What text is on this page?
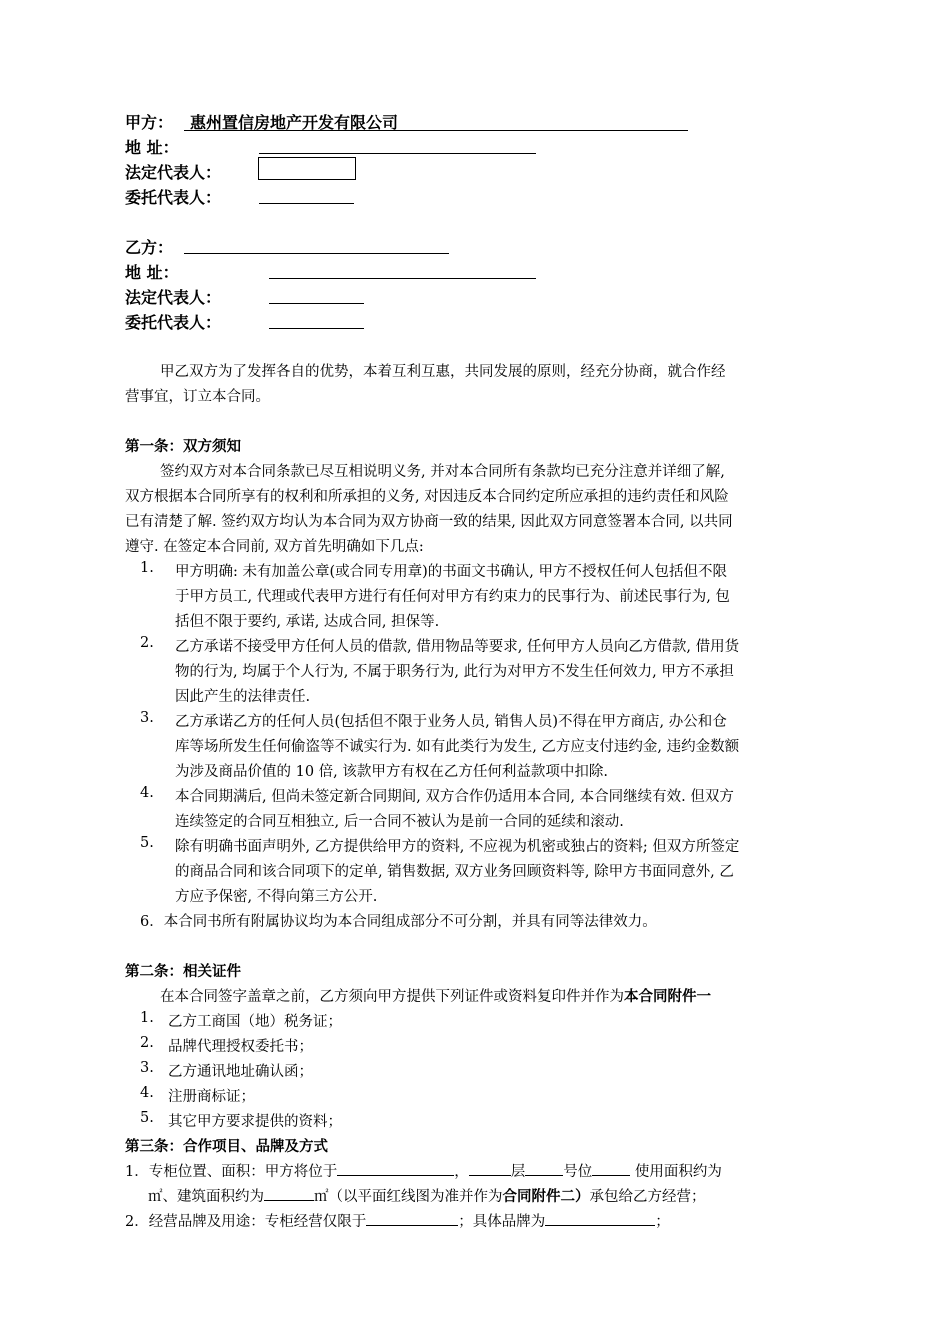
甲方： 惠州置信房地产开发有限公司
地 址：
法定代表人：
委托代表人：
乙方：
地 址：
法定代表人：
委托代表人：
甲乙双方为了发挥各自的优势，本着互利互惠，共同发展的原则，经充分协商，就合作经
营事宜，订立本合同。
第一条：双方须知
签约双方对本合同条款已尽互相说明义务, 并对本合同所有条款均已充分注意并详细了解,
双方根据本合同所享有的权利和所承担的义务, 对因违反本合同约定所应承担的违约责任和风险
已有清楚了解. 签约双方均认为本合同为双方协商一致的结果, 因此双方同意签署本合同, 以共同
遵守. 在签定本合同前, 双方首先明确如下几点:
1. 甲方明确: 未有加盖公章(或合同专用章)的书面文书确认, 甲方不授权任何人包括但不限
于甲方员工, 代理或代表甲方进行有任何对甲方有约束力的民事行为、前述民事行为, 包
括但不限于要约, 承诺, 达成合同, 担保等.
2. 乙方承诺不接受甲方任何人员的借款, 借用物品等要求, 任何甲方人员向乙方借款, 借用货
物的行为, 均属于个人行为, 不属于职务行为, 此行为对甲方不发生任何效力, 甲方不承担
因此产生的法律责任.
3. 乙方承诺乙方的任何人员(包括但不限于业务人员, 销售人员)不得在甲方商店, 办公和仓
库等场所发生任何偷盗等不诚实行为. 如有此类行为发生, 乙方应支付违约金, 违约金数额
为涉及商品价值的 10 倍, 该款甲方有权在乙方任何利益款项中扣除.
4. 本合同期满后, 但尚未签定新合同期间, 双方合作仍适用本合同, 本合同继续有效. 但双方
连续签定的合同互相独立, 后一合同不被认为是前一合同的延续和滚动.
5. 除有明确书面声明外, 乙方提供给甲方的资料, 不应视为机密或独占的资料; 但双方所签定
的商品合同和该合同项下的定单, 销售数据, 双方业务回顾资料等, 除甲方书面同意外, 乙
方应予保密, 不得向第三方公开.
6．本合同书所有附属协议均为本合同组成部分不可分割，并具有同等法律效力。
第二条：相关证件
在本合同签字盖章之前，乙方须向甲方提供下列证件或资料复印件并作为本合同附件一
1. 乙方工商国（地）税务证；
2. 品牌代理授权委托书；
3. 乙方通讯地址确认函；
4. 注册商标证；
5. 其它甲方要求提供的资料；
第三条：合作项目、品牌及方式
1．专柜位置、面积：甲方将位于	，	层	号位	使用面积约为
㎡、建筑面积约为	㎡（以平面红线图为准并作为合同附件二）承包给乙方经营；
2．经营品牌及用途：专柜经营仅限于	；具体品牌为	；
